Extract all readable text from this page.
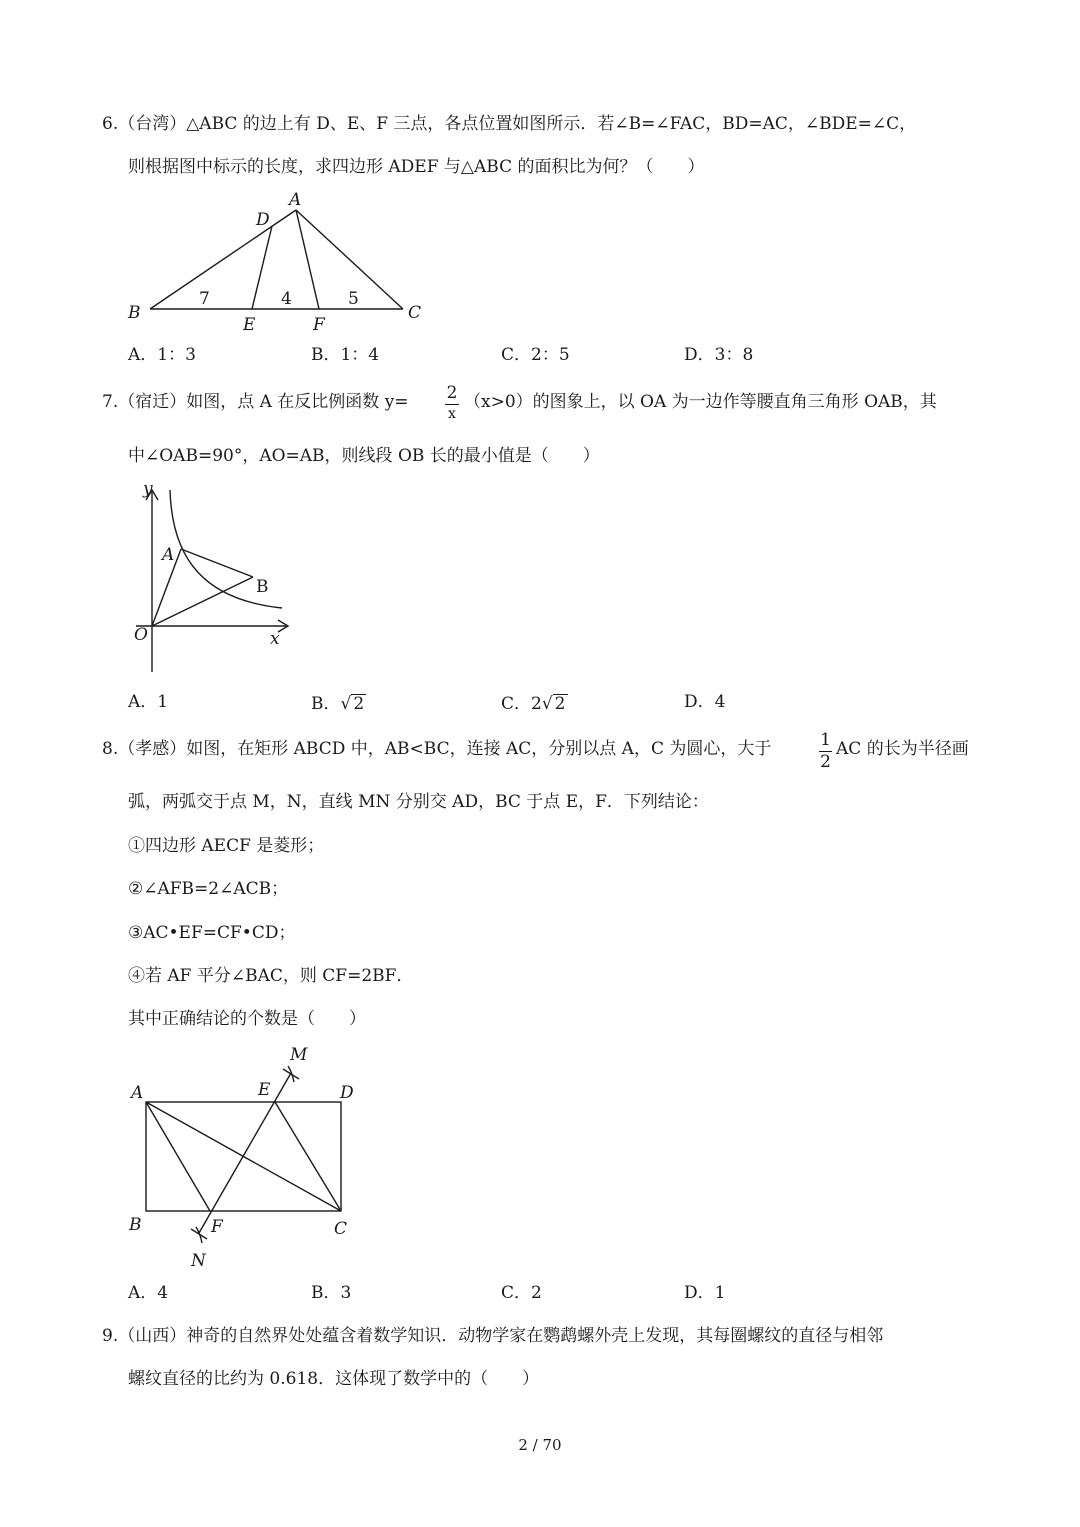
6.（台湾）△ABC 的边上有 D、E、F 三点，各点位置如图所示．若∠B=∠FAC，BD=AC，∠BDE=∠C，
则根据图中标示的长度，求四边形 ADEF 与△ABC 的面积比为何？（　　）
A
D
B
E	F
C
7	4	5
A．1：3	B．1：4	C．2：5	D．3：8
7.（宿迁）如图，点 A 在反比例函数 y= 2
x
（x>0）的图象上，以 OA 为一边作等腰直角三角形 OAB，其
中∠OAB=90°，AO=AB，则线段 OB 长的最小值是（　　）
y
x
O
A
B
A．1	B．√ 2	C．2√ 2	D．4
8.（孝感）如图，在矩形 ABCD 中，AB<BC，连接 AC，分别以点 A，C 为圆心，大于	1
2
AC 的长为半径画
弧，两弧交于点 M，N，直线 MN 分别交 AD，BC 于点 E，F．下列结论：
①四边形 AECF 是菱形；
②∠AFB=2∠ACB；
③AC•EF=CF•CD；
④若 AF 平分∠BAC，则 CF=2BF．
其中正确结论的个数是（　　）
M
A	E	D
B	F	C
N
A．4	B．3	C．2	D．1
9.（山西）神奇的自然界处处蕴含着数学知识．动物学家在鹦鹉螺外壳上发现，其每圈螺纹的直径与相邻
螺纹直径的比约为 0.618．这体现了数学中的（　　）
2 / 70
